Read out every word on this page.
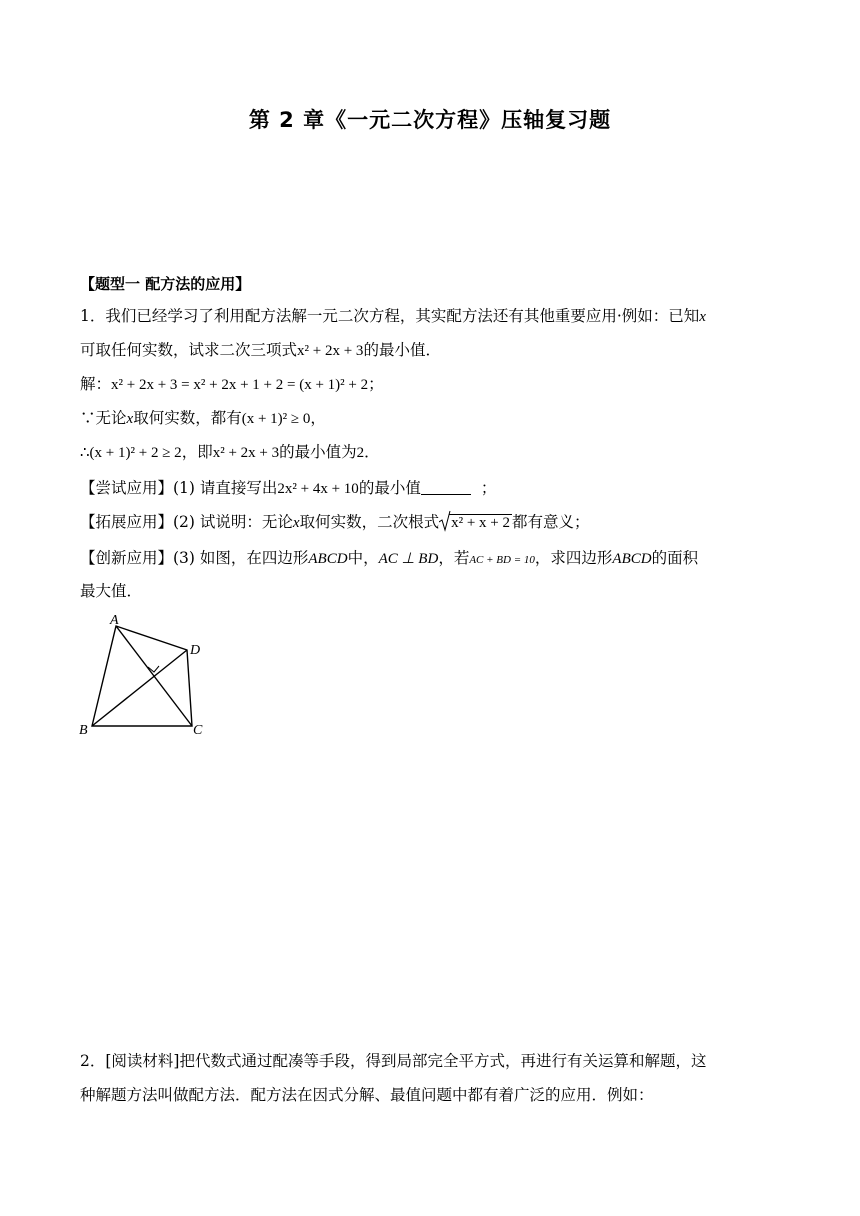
第 2 章《一元二次方程》压轴复习题
【题型一 配方法的应用】
1．我们已经学习了利用配方法解一元二次方程，其实配方法还有其他重要应用·例如：已知x
可取任何实数，试求二次三项式x² + 2x + 3的最小值．
解：x² + 2x + 3 = x² + 2x + 1 + 2 = (x + 1)² + 2；
∵无论x取何实数，都有(x + 1)² ≥ 0，
∴(x + 1)² + 2 ≥ 2，即x² + 2x + 3的最小值为2．
【尝试应用】(1) 请直接写出2x² + 4x + 10的最小值	；
【拓展应用】(2) 试说明：无论x取何实数，二次根式 x² + x + 2 都有意义；
【创新应用】(3) 如图，在四边形ABCD中，AC ⊥ BD，若AC + BD = 10，求四边形ABCD的面积
最大值．
A
B	C
D
2．[阅读材料]把代数式通过配凑等手段，得到局部完全平方式，再进行有关运算和解题，这
种解题方法叫做配方法．配方法在因式分解、最值问题中都有着广泛的应用．例如：
